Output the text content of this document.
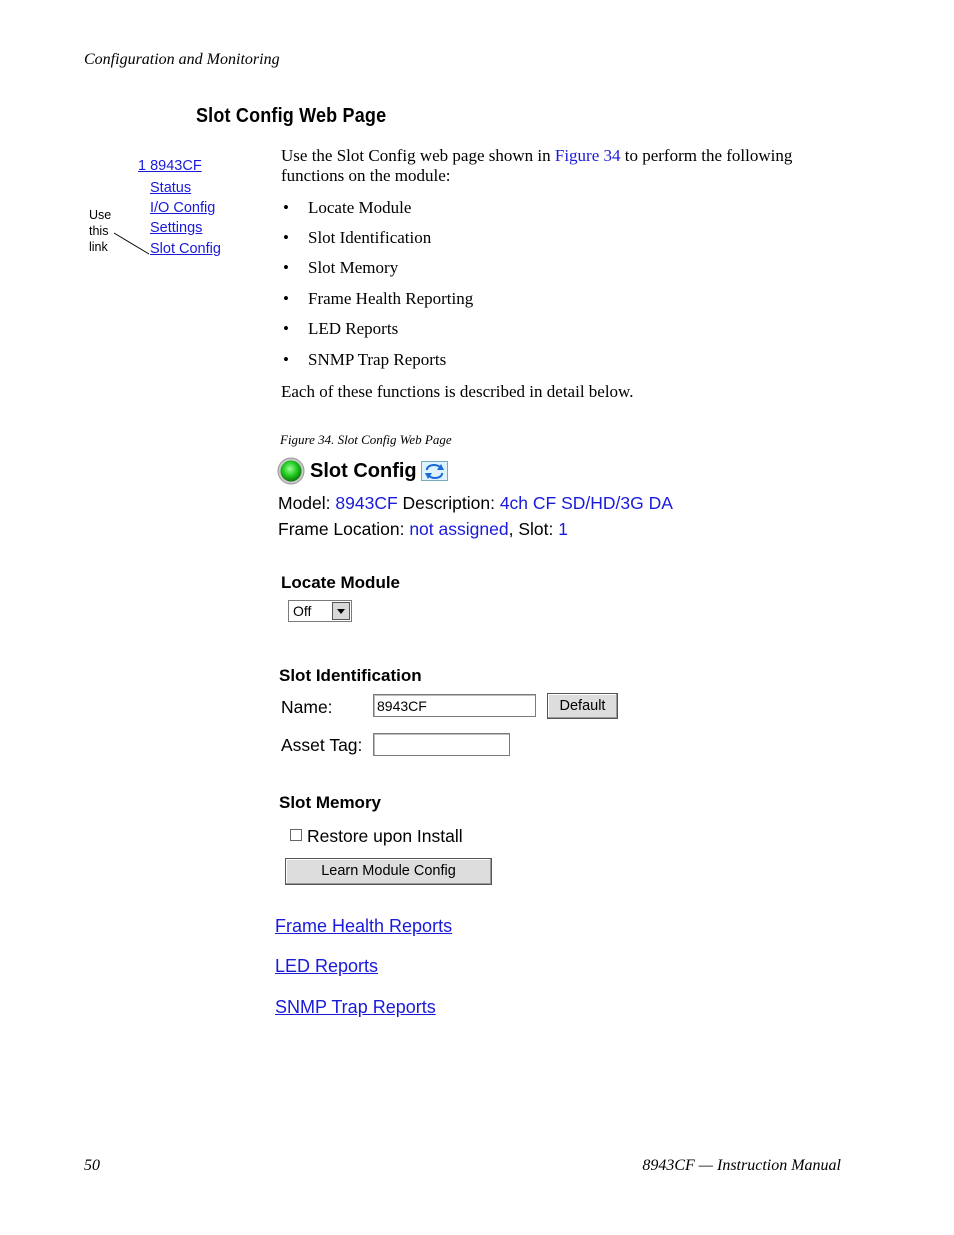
Configuration and Monitoring
Slot Config Web Page
1 8943CF
Status
I/O Config
Settings
Slot Config
Use
this
link
Use the Slot Config web page shown in Figure 34 to perform the following
functions on the module:
• Locate Module
• Slot Identification
• Slot Memory
• Frame Health Reporting
• LED Reports
• SNMP Trap Reports
Each of these functions is described in detail below.
Figure 34. Slot Config Web Page
Slot Config
Model: 8943CF Description: 4ch CF SD/HD/3G DA
Frame Location: not assigned, Slot: 1
Locate Module
Off
Slot Identification
Name:	8943CF	Default
Asset Tag:
Slot Memory
Restore upon Install
Learn Module Config
Frame Health Reports
LED Reports
SNMP Trap Reports
50	8943CF — Instruction Manual
